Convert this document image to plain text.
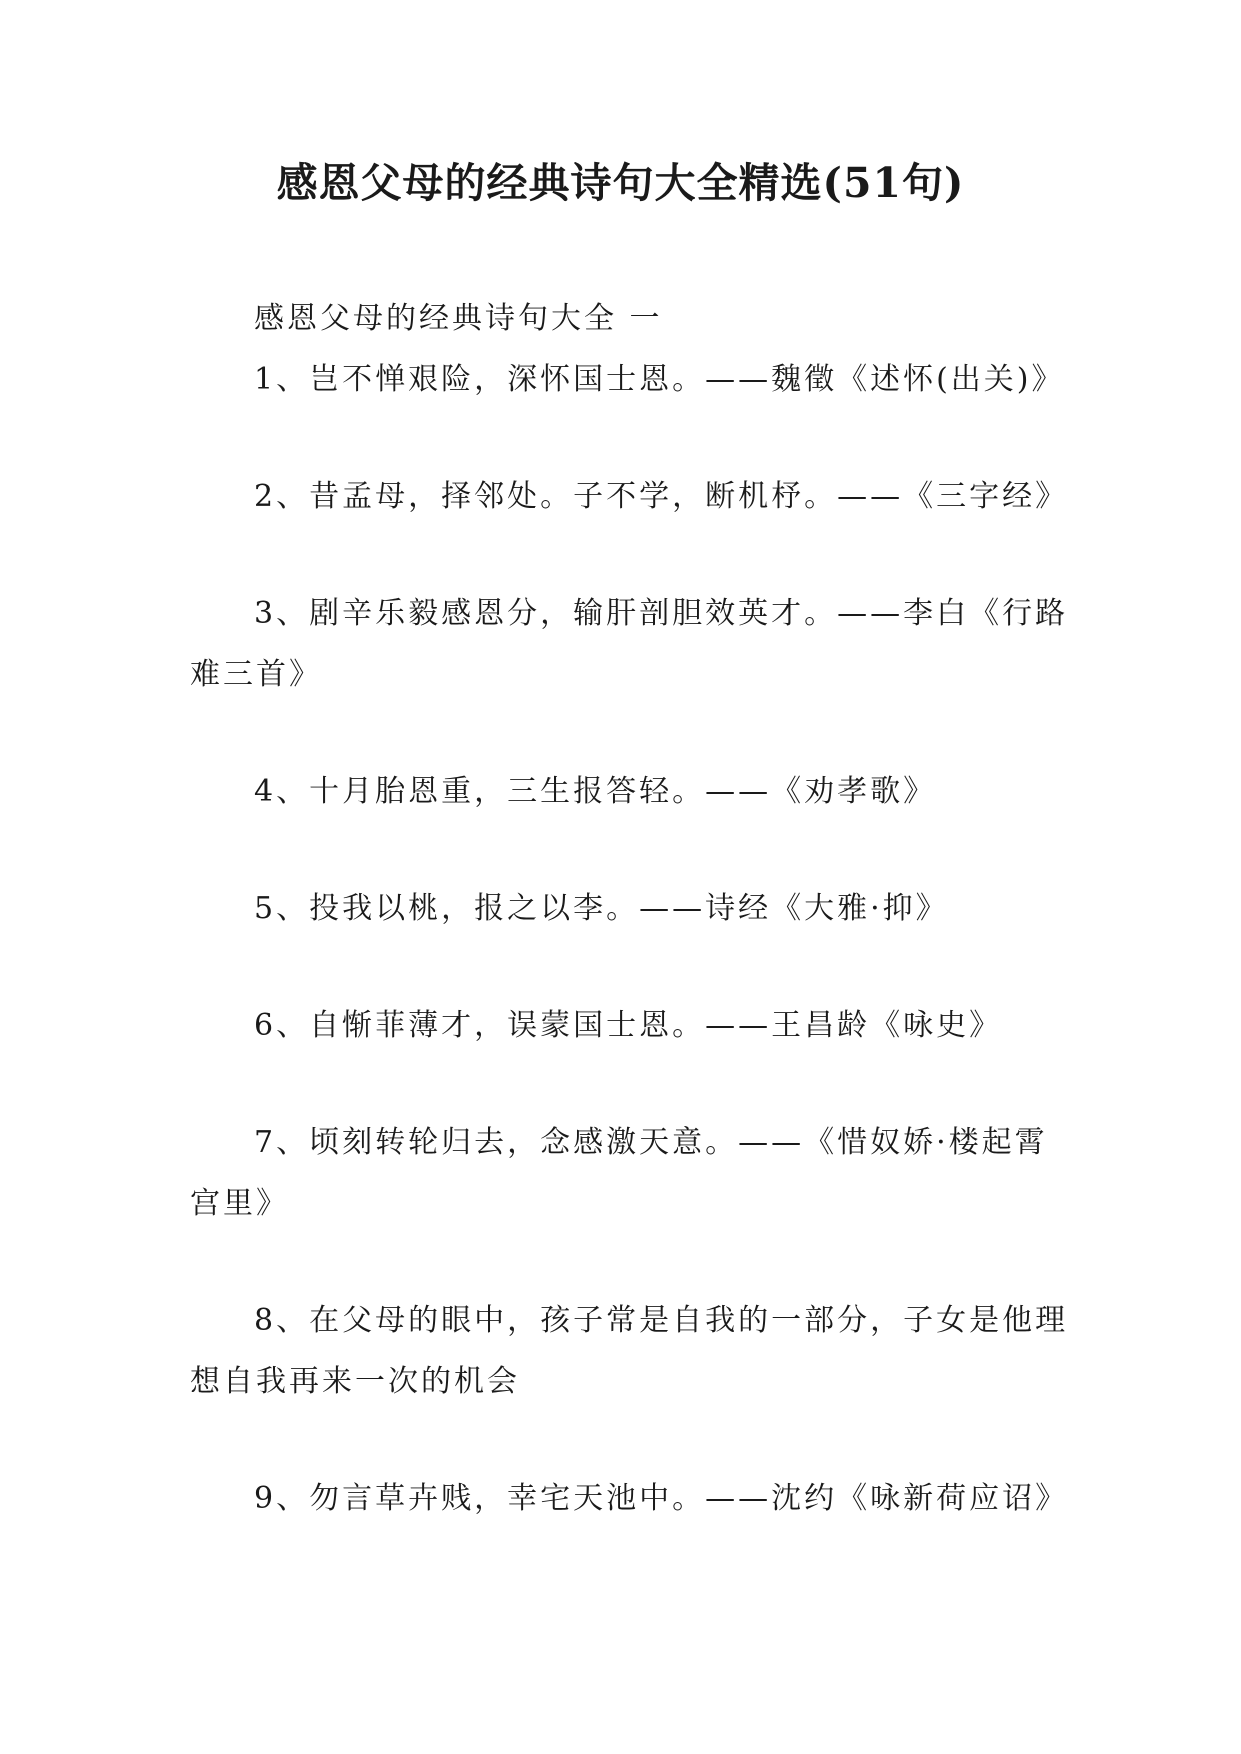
感恩父母的经典诗句大全精选(51句)

感恩父母的经典诗句大全 一

1、岂不惮艰险，深怀国士恩。——魏徵《述怀(出关)》

2、昔孟母，择邻处。子不学，断机杼。——《三字经》

3、剧辛乐毅感恩分，输肝剖胆效英才。——李白《行路难三首》

4、十月胎恩重，三生报答轻。——《劝孝歌》

5、投我以桃，报之以李。——诗经《大雅·抑》

6、自惭菲薄才，误蒙国士恩。——王昌龄《咏史》

7、顷刻转轮归去，念感激天意。——《惜奴娇·楼起霄宫里》

8、在父母的眼中，孩子常是自我的一部分，子女是他理想自我再来一次的机会

9、勿言草卉贱，幸宅天池中。——沈约《咏新荷应诏》
